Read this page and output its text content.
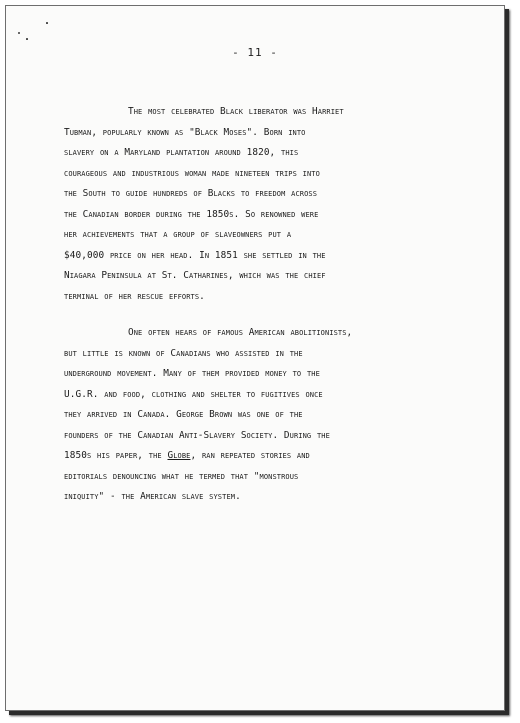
- 11 -
The most celebrated Black liberator was Harriet
Tubman, popularly known as "Black Moses". Born into
slavery on a Maryland plantation around 1820, this
courageous and industrious woman made nineteen trips into
the South to guide hundreds of Blacks to freedom across
the Canadian border during the 1850s. So renowned were
her achievements that a group of slaveowners put a
$40,000 price on her head. In 1851 she settled in the
Niagara Peninsula at St. Catharines, which was the chief
terminal of her rescue efforts.
One often hears of famous American abolitionists,
but little is known of Canadians who assisted in the
underground movement. Many of them provided money to the
U.G.R. and food, clothing and shelter to fugitives once
they arrived in Canada. George Brown was one of the
founders of the Canadian Anti-Slavery Society. During the
1850s his paper, the Globe, ran repeated stories and
editorials denouncing what he termed that "monstrous
iniquity" - the American slave system.
